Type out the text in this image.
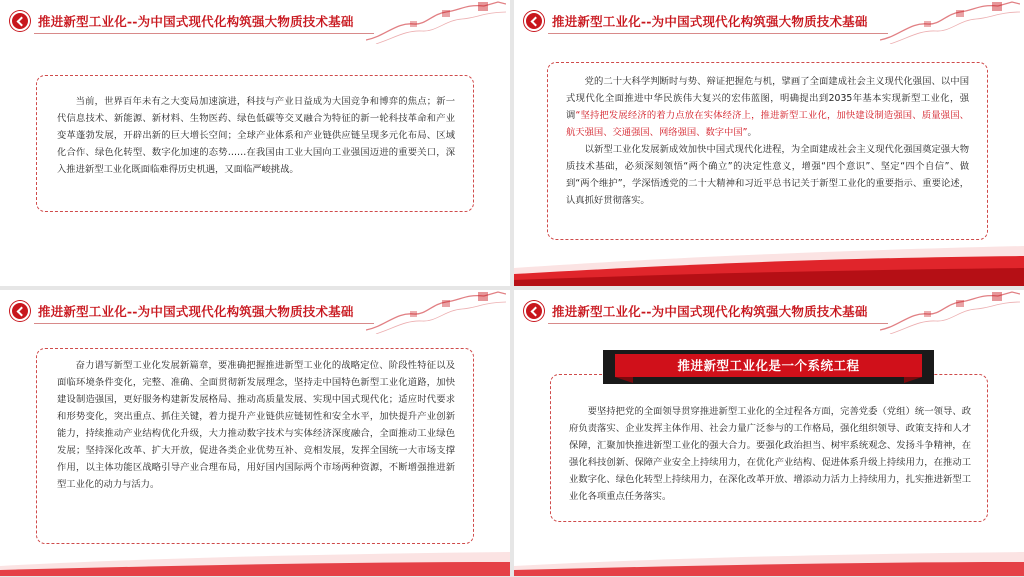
推进新型工业化--为中国式现代化构筑强大物质技术基础

当前，世界百年未有之大变局加速演进，科技与产业日益成为大国竞争和博弈的焦点；新一代信息技术、新能源、新材料、生物医药、绿色低碳等交叉融合为特征的新一轮科技革命和产业变革蓬勃发展，开辟出新的巨大增长空间；全球产业体系和产业链供应链呈现多元化布局、区域化合作、绿色化转型、数字化加速的态势……在我国由工业大国向工业强国迈进的重要关口，深入推进新型工业化既面临难得历史机遇，又面临严峻挑战。

推进新型工业化--为中国式现代化构筑强大物质技术基础

党的二十大科学判断时与势、辩证把握危与机，擘画了全面建成社会主义现代化强国、以中国式现代化全面推进中华民族伟大复兴的宏伟蓝图，明确提出到2035年基本实现新型工业化，强调“坚持把发展经济的着力点放在实体经济上，推进新型工业化，加快建设制造强国、质量强国、航天强国、交通强国、网络强国、数字中国”。

以新型工业化发展新成效加快中国式现代化进程，为全面建成社会主义现代化强国奠定强大物质技术基础，必须深刻领悟“两个确立”的决定性意义，增强“四个意识”、坚定“四个自信”、做到“两个维护”，学深悟透党的二十大精神和习近平总书记关于新型工业化的重要指示、重要论述，认真抓好贯彻落实。

推进新型工业化--为中国式现代化构筑强大物质技术基础

奋力谱写新型工业化发展新篇章，要准确把握推进新型工业化的战略定位、阶段性特征以及面临环境条件变化，完整、准确、全面贯彻新发展理念，坚持走中国特色新型工业化道路，加快建设制造强国，更好服务构建新发展格局、推动高质量发展、实现中国式现代化；适应时代要求和形势变化，突出重点、抓住关键，着力提升产业链供应链韧性和安全水平，加快提升产业创新能力，持续推动产业结构优化升级，大力推动数字技术与实体经济深度融合，全面推动工业绿色发展；坚持深化改革、扩大开放，促进各类企业优势互补、竞相发展，发挥全国统一大市场支撑作用，以主体功能区战略引导产业合理布局，用好国内国际两个市场两种资源，不断增强推进新型工业化的动力与活力。

推进新型工业化--为中国式现代化构筑强大物质技术基础

要坚持把党的全面领导贯穿推进新型工业化的全过程各方面，完善党委（党组）统一领导、政府负责落实、企业发挥主体作用、社会力量广泛参与的工作格局，强化组织领导、政策支持和人才保障，汇聚加快推进新型工业化的强大合力。要强化政治担当、树牢系统观念、发扬斗争精神，在强化科技创新、保障产业安全上持续用力，在优化产业结构、促进体系升级上持续用力，在推动工业数字化、绿色化转型上持续用力，在深化改革开放、增添动力活力上持续用力，扎实推进新型工业化各项重点任务落实。

推进新型工业化是一个系统工程
